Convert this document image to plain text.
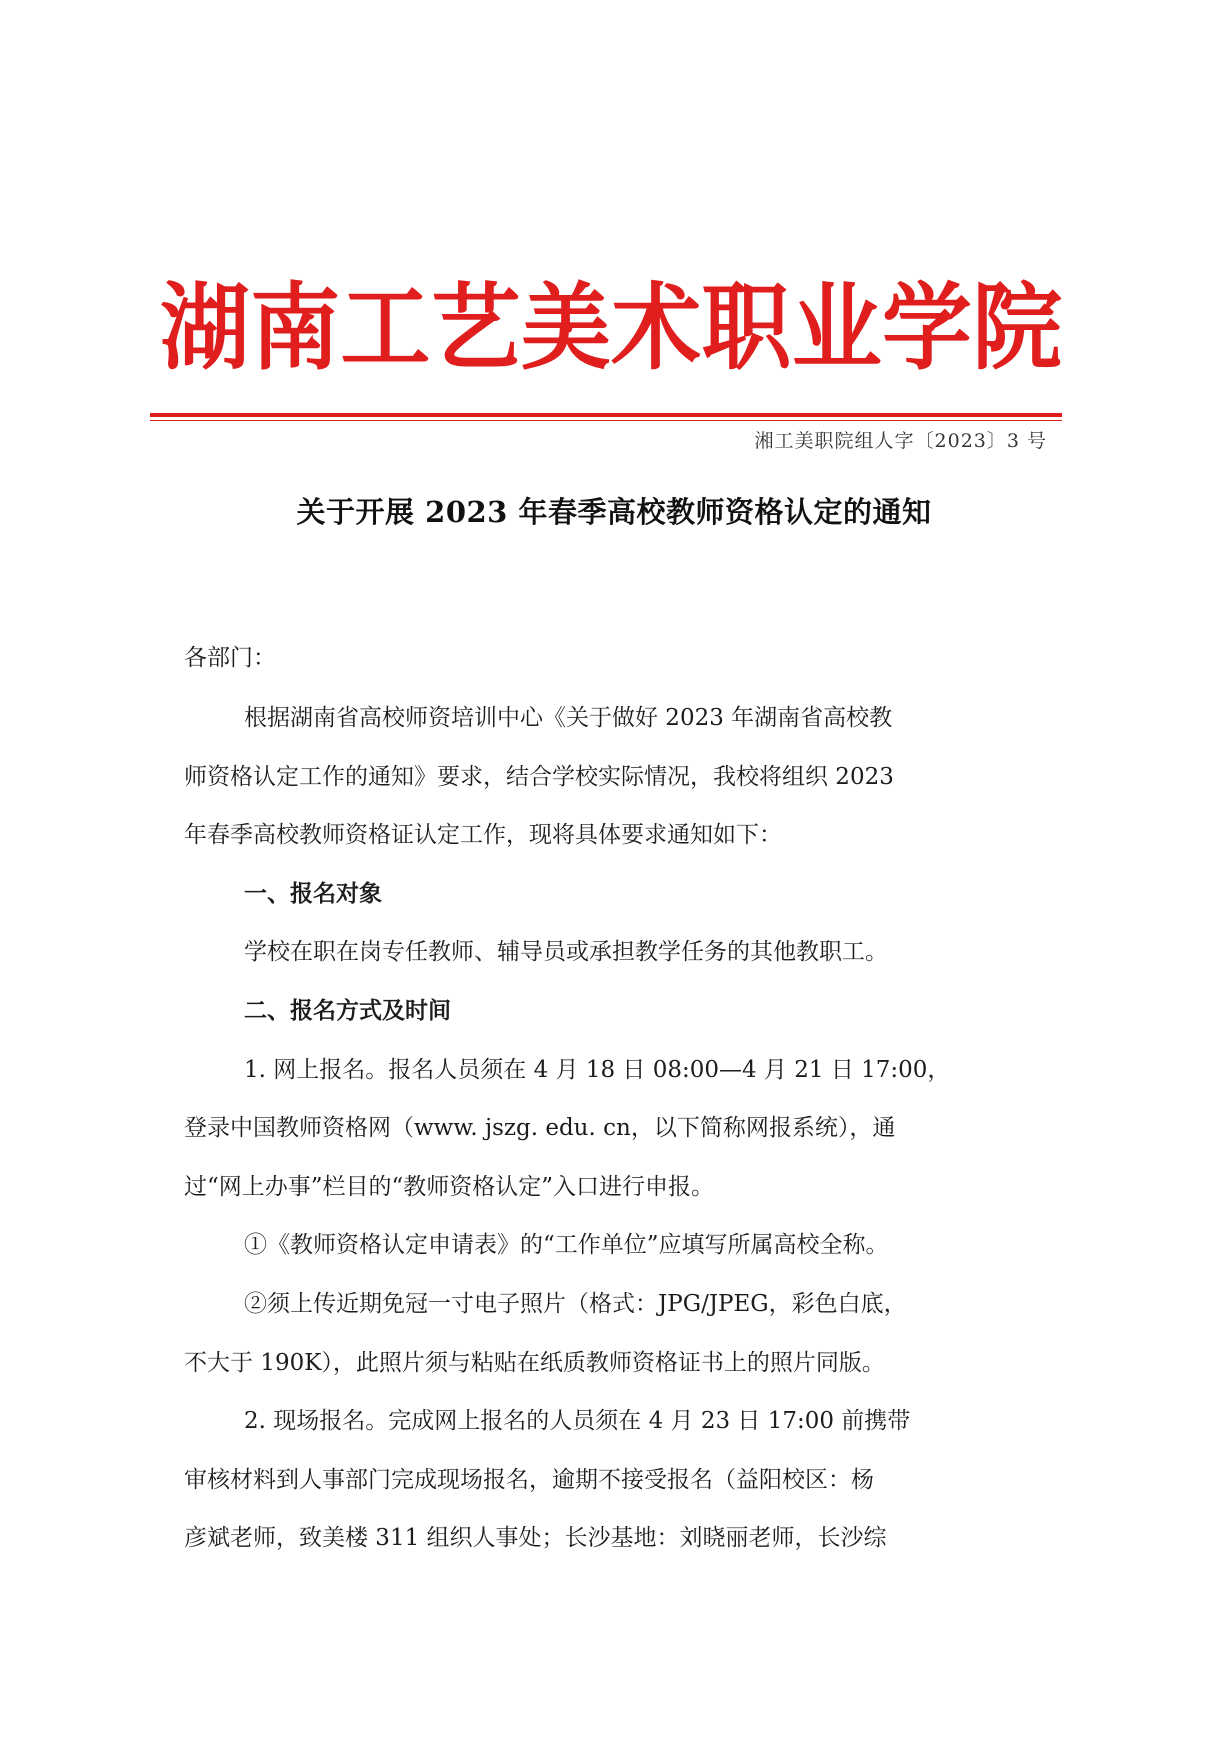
湖南工艺美术职业学院

湘工美职院组人字〔2023〕3 号

关于开展 2023 年春季高校教师资格认定的通知

各部门：

根据湖南省高校师资培训中心《关于做好 2023 年湖南省高校教
师资格认定工作的通知》要求，结合学校实际情况，我校将组织 2023
年春季高校教师资格证认定工作，现将具体要求通知如下：
一、报名对象
学校在职在岗专任教师、辅导员或承担教学任务的其他教职工。
二、报名方式及时间
1. 网上报名。报名人员须在 4 月 18 日 08:00—4 月 21 日 17:00，
登录中国教师资格网（www. jszg. edu. cn，以下简称网报系统），通
过“网上办事”栏目的“教师资格认定”入口进行申报。
①《教师资格认定申请表》的“工作单位”应填写所属高校全称。
②须上传近期免冠一寸电子照片（格式：JPG/JPEG，彩色白底，
不大于 190K），此照片须与粘贴在纸质教师资格证书上的照片同版。
2. 现场报名。完成网上报名的人员须在 4 月 23 日 17:00 前携带
审核材料到人事部门完成现场报名，逾期不接受报名（益阳校区：杨
彦斌老师，致美楼 311 组织人事处；长沙基地：刘晓丽老师，长沙综
